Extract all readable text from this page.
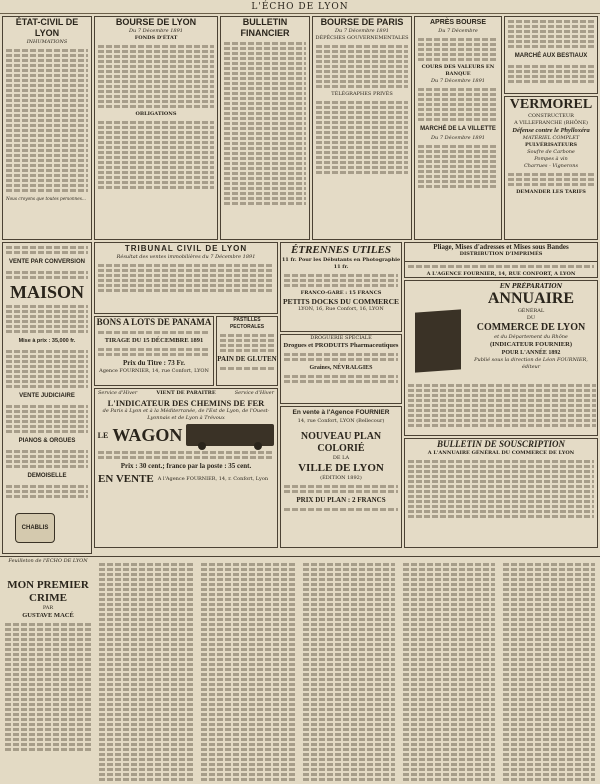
L'ÉCHO DE LYON
ÉTAT-CIVIL DE LYON
INHUMATIONS
Nous croyons que toutes personnes...
BOURSE DE LYON
Du 7 Décembre 1891
FONDS D'ÉTAT
OBLIGATIONS
BULLETIN FINANCIER
BOURSE DE PARIS
Du 7 Décembre 1891
DÉPÊCHES GOUVERNEMENTALES
TÉLÉGRAPHES PRIVÉS
APRÈS BOURSE
Du 7 Décembre
COURS DES VALEURS EN BANQUE
Du 7 Décembre 1891
MARCHÉ DE LA VILLETTE
Du 7 Décembre 1891
MARCHÉ AUX BESTIAUX
VERMOREL
CONSTRUCTEUR
A VILLEFRANCHE (RHÔNE)
Défense contre le Phylloxéra
MATÉRIEL COMPLET
PULVÉRISATEURS
Soufre de Carbone
Pompes à vin
Charrues - Vignerons
DEMANDER LES TARIFS
VENTE PAR CONVERSION
MAISON
Mise à prix : 35,000 fr.
VENTE JUDICIAIRE
PIANOS & ORGUES
DEMOISELLE
CHABLIS
TRIBUNAL CIVIL DE LYON
Résultat des ventes immobilières du 7 Décembre 1891
ÉTRENNES UTILES
11 fr. Pour les Débutants en Photographie 11 fr.
FRANCO-GARE : 15 FRANCS
PETITS DOCKS DU COMMERCE
LYON, 16, Rue Confort, 16, LYON
Pliage, Mises d'adresses et Mises sous Bandes
DISTRIBUTION D'IMPRIMÉS
A L'AGENCE FOURNIER, 14, RUE CONFORT, A LYON
EN PRÉPARATION
ANNUAIRE
GÉNÉRAL
DU
COMMERCE DE LYON
et du Département du Rhône
(INDICATEUR FOURNIER)
POUR L'ANNÉE 1892
Publié sous la direction de Léon FOURNIER, éditeur
BONS A LOTS DE PANAMA
TIRAGE DU 15 DÉCEMBRE 1891
Prix du Titre : 73 Fr.
Agence FOURNIER, 14, rue Confort, LYON
PASTILLES PECTORALES
PAIN DE GLUTEN
DROGUERIE SPÉCIALE
Drogues et PRODUITS Pharmaceutiques
Graines, NÉVRALGIES
Service d'Hiver	VIENT DE PARAITRE	Service d'Hiver
L'INDICATEUR DES CHEMINS DE FER
de Paris à Lyon et à la Méditerranée, de l'Est de Lyon, de l'Ouest-Lyonnais et de Lyon à Trévoux
LE WAGON
Prix : 30 cent.; franco par la poste : 35 cent.
EN VENTE A l'Agence FOURNIER, 14, r. Confort, Lyon
En vente à l'Agence FOURNIER
14, rue Confort, LYON (Bellecour)
NOUVEAU PLAN COLORIÉ
DE LA
VILLE DE LYON
(ÉDITION 1892)
PRIX DU PLAN : 2 FRANCS
BULLETIN DE SOUSCRIPTION
A L'ANNUAIRE GÉNÉRAL DU COMMERCE DE LYON
Feuilleton de l'ÉCHO DE LYON
MON PREMIER CRIME
PAR
GUSTAVE MACÉ
